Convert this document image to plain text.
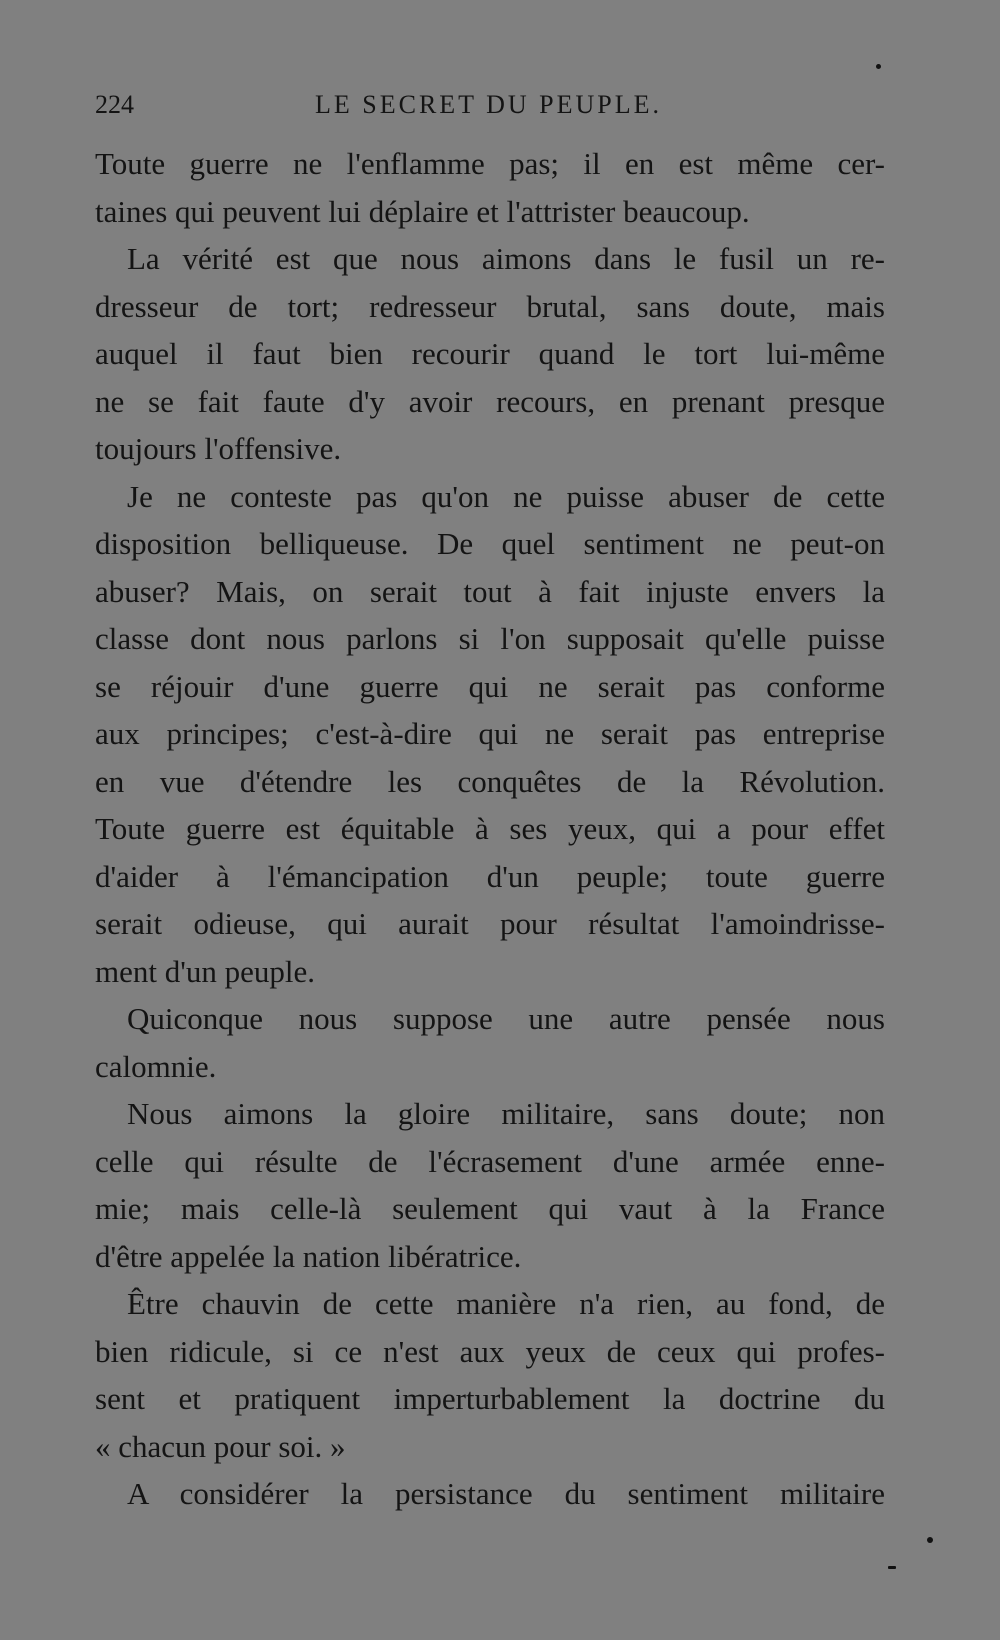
224	LE SECRET DU PEUPLE.
Toute guerre ne l'enflamme pas; il en est même cer-
taines qui peuvent lui déplaire et l'attrister beaucoup.
La vérité est que nous aimons dans le fusil un re-
dresseur de tort; redresseur brutal, sans doute, mais
auquel il faut bien recourir quand le tort lui-même
ne se fait faute d'y avoir recours, en prenant presque
toujours l'offensive.
Je ne conteste pas qu'on ne puisse abuser de cette
disposition belliqueuse. De quel sentiment ne peut-on
abuser? Mais, on serait tout à fait injuste envers la
classe dont nous parlons si l'on supposait qu'elle puisse
se réjouir d'une guerre qui ne serait pas conforme
aux principes; c'est-à-dire qui ne serait pas entreprise
en vue d'étendre les conquêtes de la Révolution.
Toute guerre est équitable à ses yeux, qui a pour effet
d'aider à l'émancipation d'un peuple; toute guerre
serait odieuse, qui aurait pour résultat l'amoindrisse-
ment d'un peuple.
Quiconque nous suppose une autre pensée nous
calomnie.
Nous aimons la gloire militaire, sans doute; non
celle qui résulte de l'écrasement d'une armée enne-
mie; mais celle-là seulement qui vaut à la France
d'être appelée la nation libératrice.
Être chauvin de cette manière n'a rien, au fond, de
bien ridicule, si ce n'est aux yeux de ceux qui profes-
sent et pratiquent imperturbablement la doctrine du
« chacun pour soi. »
A considérer la persistance du sentiment militaire
